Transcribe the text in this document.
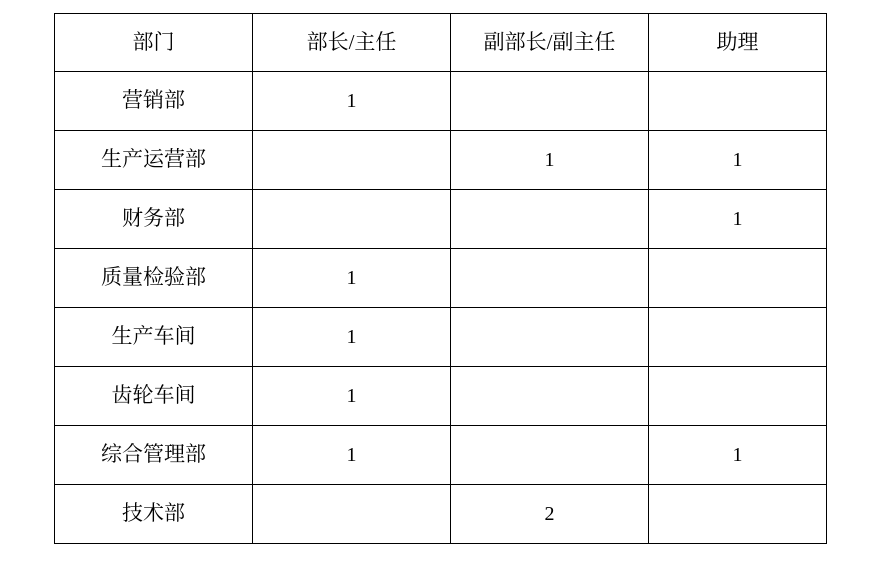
部门	部长/主任	副部长/副主任	助理
营销部	1		
生产运营部		1	1
财务部			1
质量检验部	1		
生产车间	1		
齿轮车间	1		
综合管理部	1		1
技术部		2	
